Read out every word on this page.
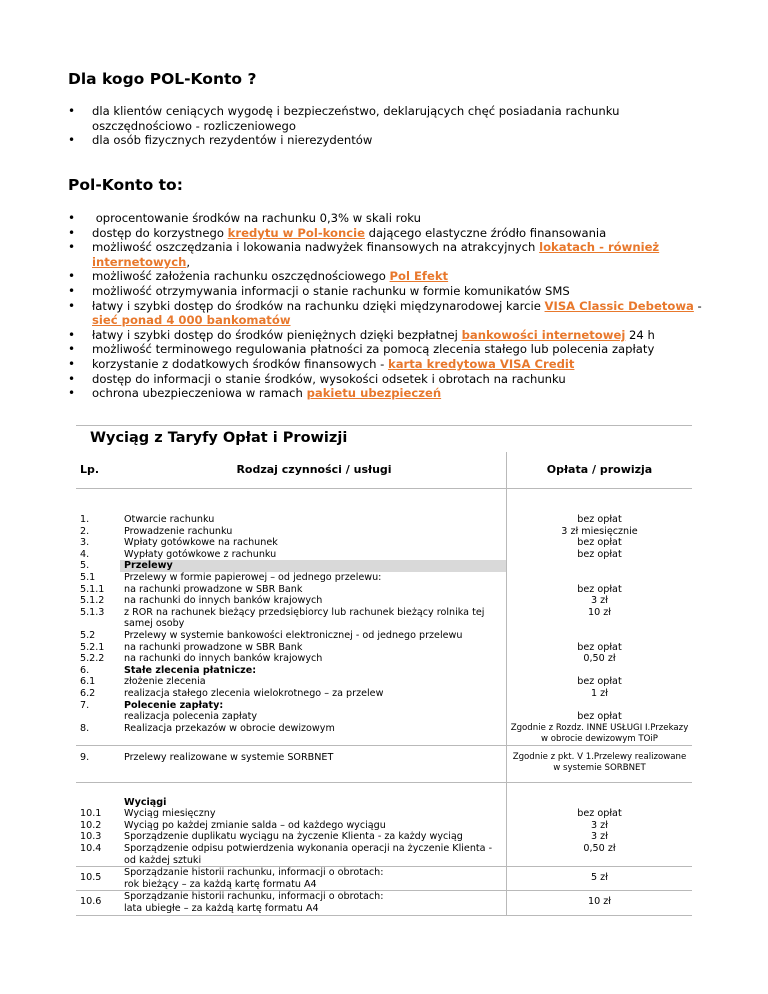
Dla kogo POL-Konto ?
• dla klientów ceniących wygodę i bezpieczeństwo, deklarujących chęć posiadania rachunku oszczędnościowo - rozliczeniowego
• dla osób fizycznych rezydentów i nierezydentów
Pol-Konto to:
• oprocentowanie środków na rachunku 0,3% w skali roku
• dostęp do korzystnego kredytu w Pol-koncie dającego elastyczne źródło finansowania
• możliwość oszczędzania i lokowania nadwyżek finansowych na atrakcyjnych lokatach - również internetowych,
• możliwość założenia rachunku oszczędnościowego Pol Efekt
• możliwość otrzymywania informacji o stanie rachunku w formie komunikatów SMS
• łatwy i szybki dostęp do środków na rachunku dzięki międzynarodowej karcie VISA Classic Debetowa - sieć ponad 4 000 bankomatów
• łatwy i szybki dostęp do środków pieniężnych dzięki bezpłatnej bankowości internetowej 24 h
• możliwość terminowego regulowania płatności za pomocą zlecenia stałego lub polecenia zapłaty
• korzystanie z dodatkowych środków finansowych - karta kredytowa VISA Credit
• dostęp do informacji o stanie środków, wysokości odsetek i obrotach na rachunku
• ochrona ubezpieczeniowa w ramach pakietu ubezpieczeń
Wyciąg z Taryfy Opłat i Prowizji
Lp.	Rodzaj czynności / usługi	Opłata / prowizja
1.	Otwarcie rachunku	bez opłat
2.	Prowadzenie rachunku	3 zł miesięcznie
3.	Wpłaty gotówkowe na rachunek	bez opłat
4.	Wypłaty gotówkowe z rachunku	bez opłat
5.	Przelewy	
5.1	Przelewy w formie papierowej – od jednego przelewu:	
5.1.1	na rachunki prowadzone w SBR Bank	bez opłat
5.1.2	na rachunki do innych banków krajowych	3 zł
5.1.3	z ROR na rachunek bieżący przedsiębiorcy lub rachunek bieżący rolnika tej samej osoby	10 zł
5.2	Przelewy w systemie bankowości elektronicznej - od jednego przelewu	
5.2.1	na rachunki prowadzone w SBR Bank	bez opłat
5.2.2	na rachunki do innych banków krajowych	0,50 zł
6.	Stałe zlecenia płatnicze:	
6.1	złożenie zlecenia	bez opłat
6.2	realizacja stałego zlecenia wielokrotnego – za przelew	1 zł
7.	Polecenie zapłaty:	
	realizacja polecenia zapłaty	bez opłat
8.	Realizacja przekazów w obrocie dewizowym	Zgodnie z Rozdz. INNE USŁUGI I.Przekazy w obrocie dewizowym TOiP
9.	Przelewy realizowane w systemie SORBNET	Zgodnie z pkt. V 1.Przelewy realizowane w systemie SORBNET
	Wyciągi	
10.1	Wyciąg miesięczny	bez opłat
10.2	Wyciąg po każdej zmianie salda – od każdego wyciągu	3 zł
10.3	Sporządzenie duplikatu wyciągu na życzenie Klienta - za każdy wyciąg	3 zł
10.4	Sporządzenie odpisu potwierdzenia wykonania operacji na życzenie Klienta - od każdej sztuki	0,50 zł
10.5	Sporządzanie historii rachunku, informacji o obrotach:
rok bieżący – za każdą kartę formatu A4	5 zł
10.6	Sporządzanie historii rachunku, informacji o obrotach:
lata ubiegłe – za każdą kartę formatu A4	10 zł
